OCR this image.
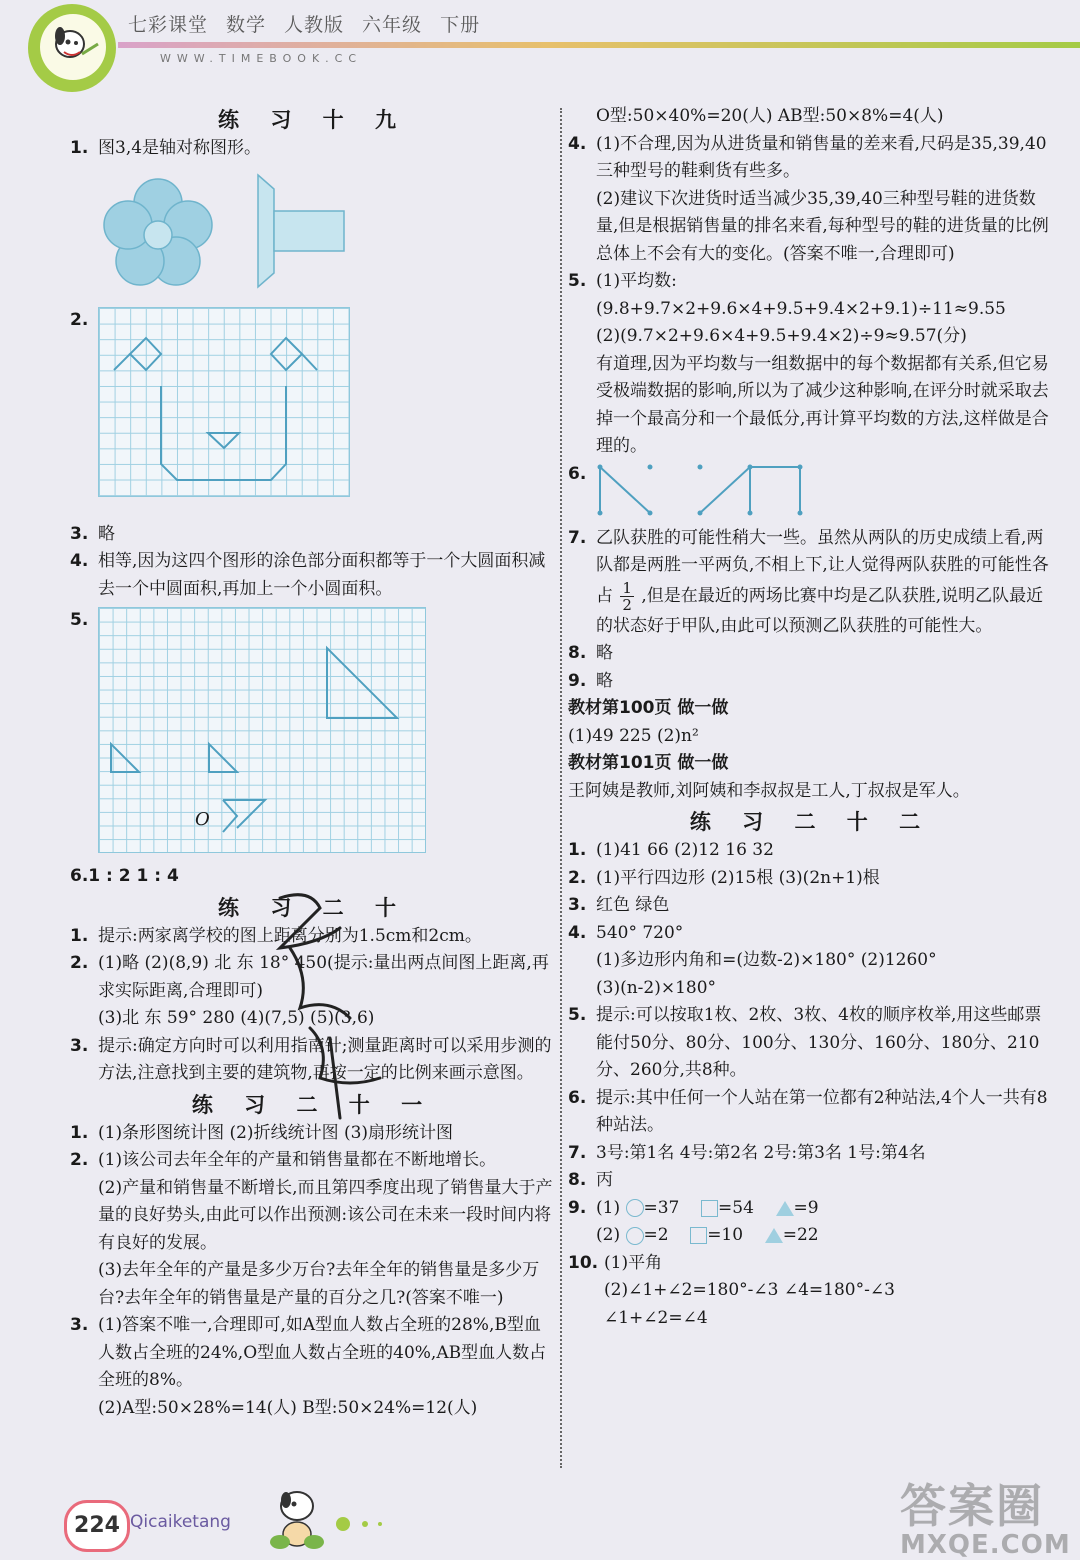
七彩课堂 数学 人教版 六年级 下册
WWW.TIMEBOOK.CC
练 习 十 九
1. 图3,4是轴对称图形。
2.
3. 略
4. 相等,因为这四个图形的涂色部分面积都等于一个大圆面积减去一个中圆面积,再加上一个小圆面积。
5.
O
6.1 : 2 1 : 4
练 习 二 十
1. 提示:两家离学校的图上距离分别为1.5cm和2cm。
2. (1)略 (2)(8,9) 北 东 18° 450(提示:量出两点间图上距离,再求实际距离,合理即可)
(3)北 东 59° 280 (4)(7,5) (5)(3,6)
3. 提示:确定方向时可以利用指南针;测量距离时可以采用步测的方法,注意找到主要的建筑物,再按一定的比例来画示意图。
练 习 二 十 一
1. (1)条形图统计图 (2)折线统计图 (3)扇形统计图
2. (1)该公司去年全年的产量和销售量都在不断地增长。
(2)产量和销售量不断增长,而且第四季度出现了销售量大于产量的良好势头,由此可以作出预测:该公司在未来一段时间内将有良好的发展。
(3)去年全年的产量是多少万台?去年全年的销售量是多少万台?去年全年的销售量是产量的百分之几?(答案不唯一)
3. (1)答案不唯一,合理即可,如A型血人数占全班的28%,B型血人数占全班的24%,O型血人数占全班的40%,AB型血人数占全班的8%。
(2)A型:50×28%=14(人) B型:50×24%=12(人)
O型:50×40%=20(人) AB型:50×8%=4(人)
4. (1)不合理,因为从进货量和销售量的差来看,尺码是35,39,40三种型号的鞋剩货有些多。
(2)建议下次进货时适当减少35,39,40三种型号鞋的进货数量,但是根据销售量的排名来看,每种型号的鞋的进货量的比例总体上不会有大的变化。(答案不唯一,合理即可)
5. (1)平均数:(9.8+9.7×2+9.6×4+9.5+9.4×2+9.1)÷11≈9.55
(2)(9.7×2+9.6×4+9.5+9.4×2)÷9≈9.57(分)
有道理,因为平均数与一组数据中的每个数据都有关系,但它易受极端数据的影响,所以为了减少这种影响,在评分时就采取去掉一个最高分和一个最低分,再计算平均数的方法,这样做是合理的。
6.
7. 乙队获胜的可能性稍大一些。虽然从两队的历史成绩上看,两队都是两胜一平两负,不相上下,让人觉得两队获胜的可能性各占 $\frac{1}{2}$ ,但是在最近的两场比赛中均是乙队获胜,说明乙队最近的状态好于甲队,由此可以预测乙队获胜的可能性大。
8. 略
9. 略
教材第100页 做一做
(1)49 225 (2)n²
教材第101页 做一做
王阿姨是教师,刘阿姨和李叔叔是工人,丁叔叔是军人。
练 习 二 十 二
1. (1)41 66 (2)12 16 32
2. (1)平行四边形 (2)15根 (3)(2n+1)根
3. 红色 绿色
4. 540° 720°
(1)多边形内角和=(边数-2)×180° (2)1260°
(3)(n-2)×180°
5. 提示:可以按取1枚、2枚、3枚、4枚的顺序枚举,用这些邮票能付50分、80分、100分、130分、160分、180分、210分、260分,共8种。
6. 提示:其中任何一个人站在第一位都有2种站法,4个人一共有8种站法。
7. 3号:第1名 4号:第2名 2号:第3名 1号:第4名
8. 丙
9. (1) =37 =54 =9
(2) =2 =10 =22
10. (1)平角
(2)∠1+∠2=180°-∠3 ∠4=180°-∠3
∠1+∠2=∠4
224 Qicaiketang	答案圈
MXQE.COM
